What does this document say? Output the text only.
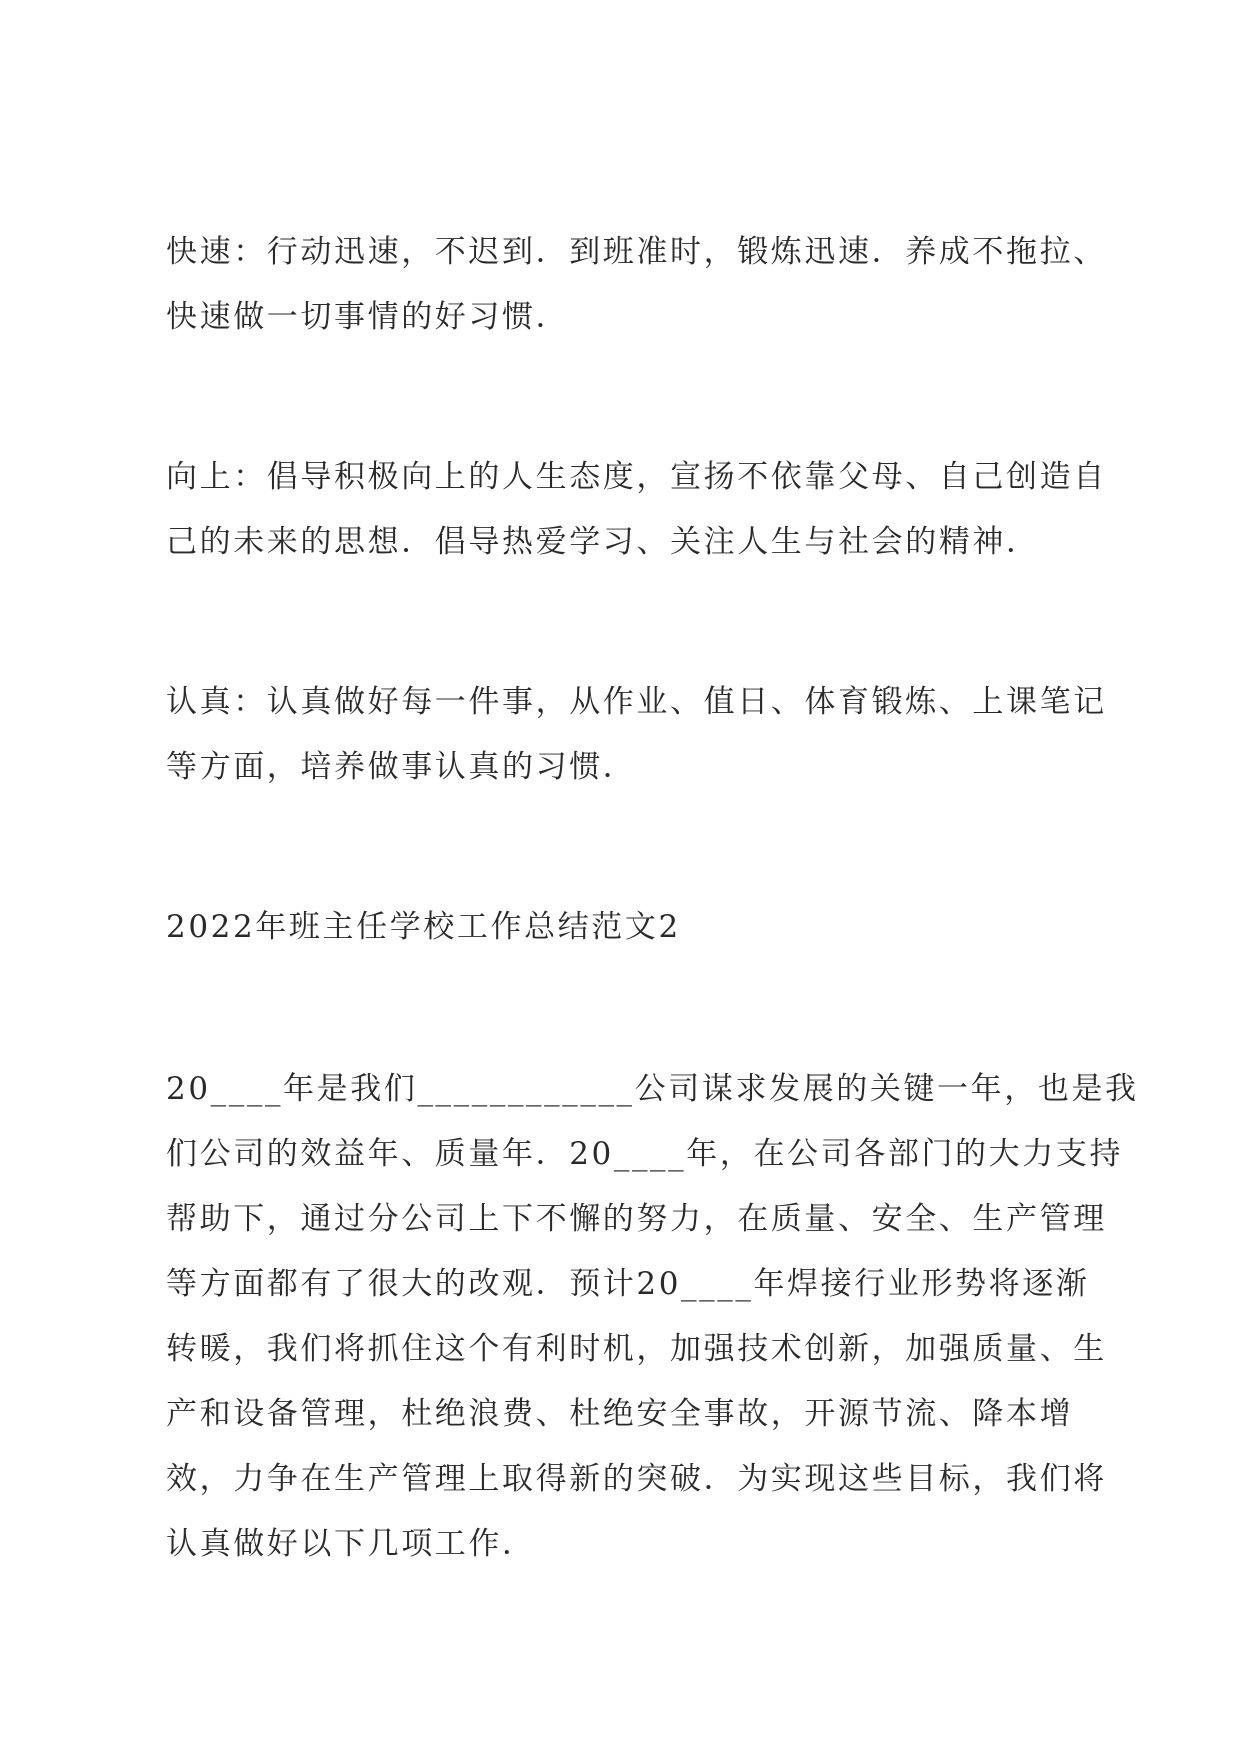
快速：行动迅速，不迟到．到班准时，锻炼迅速．养成不拖拉、
快速做一切事情的好习惯．

向上：倡导积极向上的人生态度，宣扬不依靠父母、自己创造自
己的未来的思想．倡导热爱学习、关注人生与社会的精神．

认真：认真做好每一件事，从作业、值日、体育锻炼、上课笔记
等方面，培养做事认真的习惯．

2022年班主任学校工作总结范文2

20____年是我们____________公司谋求发展的关键一年，也是我
们公司的效益年、质量年．20____年，在公司各部门的大力支持
帮助下，通过分公司上下不懈的努力，在质量、安全、生产管理
等方面都有了很大的改观．预计20____年焊接行业形势将逐渐
转暖，我们将抓住这个有利时机，加强技术创新，加强质量、生
产和设备管理，杜绝浪费、杜绝安全事故，开源节流、降本增
效，力争在生产管理上取得新的突破．为实现这些目标，我们将
认真做好以下几项工作．
